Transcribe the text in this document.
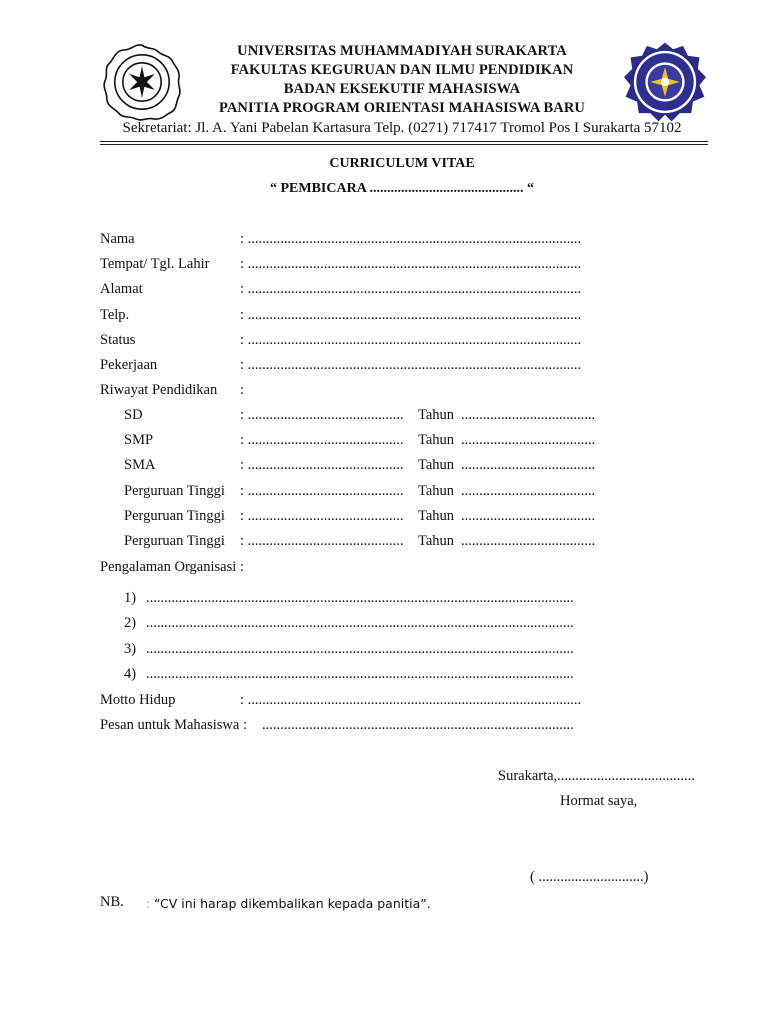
UNIVERSITAS MUHAMMADIYAH SURAKARTA
FAKULTAS KEGURUAN DAN ILMU PENDIDIKAN
BADAN EKSEKUTIF MAHASISWA
PANITIA PROGRAM ORIENTASI MAHASISWA BARU
Sekretariat: Jl. A. Yani Pabelan Kartasura Telp. (0271) 717417 Tromol Pos I Surakarta 57102
CURRICULUM VITAE
“ PEMBICARA ............................................ “
Nama	: ............................................................................................
Tempat/ Tgl. Lahir : ............................................................................................
Alamat	: ............................................................................................
Telp.	: ............................................................................................
Status	: ............................................................................................
Pekerjaan	: ............................................................................................
Riwayat Pendidikan :
SD	: ........................................... Tahun .....................................
SMP	: ........................................... Tahun .....................................
SMA	: ........................................... Tahun .....................................
Perguruan Tinggi : ........................................... Tahun .....................................
Perguruan Tinggi : ........................................... Tahun .....................................
Perguruan Tinggi : ........................................... Tahun .....................................
Pengalaman Organisasi :
1) ......................................................................................................................
2) ......................................................................................................................
3) ......................................................................................................................
4) ......................................................................................................................
Motto Hidup	: ............................................................................................
Pesan untuk Mahasiswa : ......................................................................................
Surakarta,......................................
Hormat saya,
( .............................)
NB. : “CV ini harap dikembalikan kepada panitia”.
